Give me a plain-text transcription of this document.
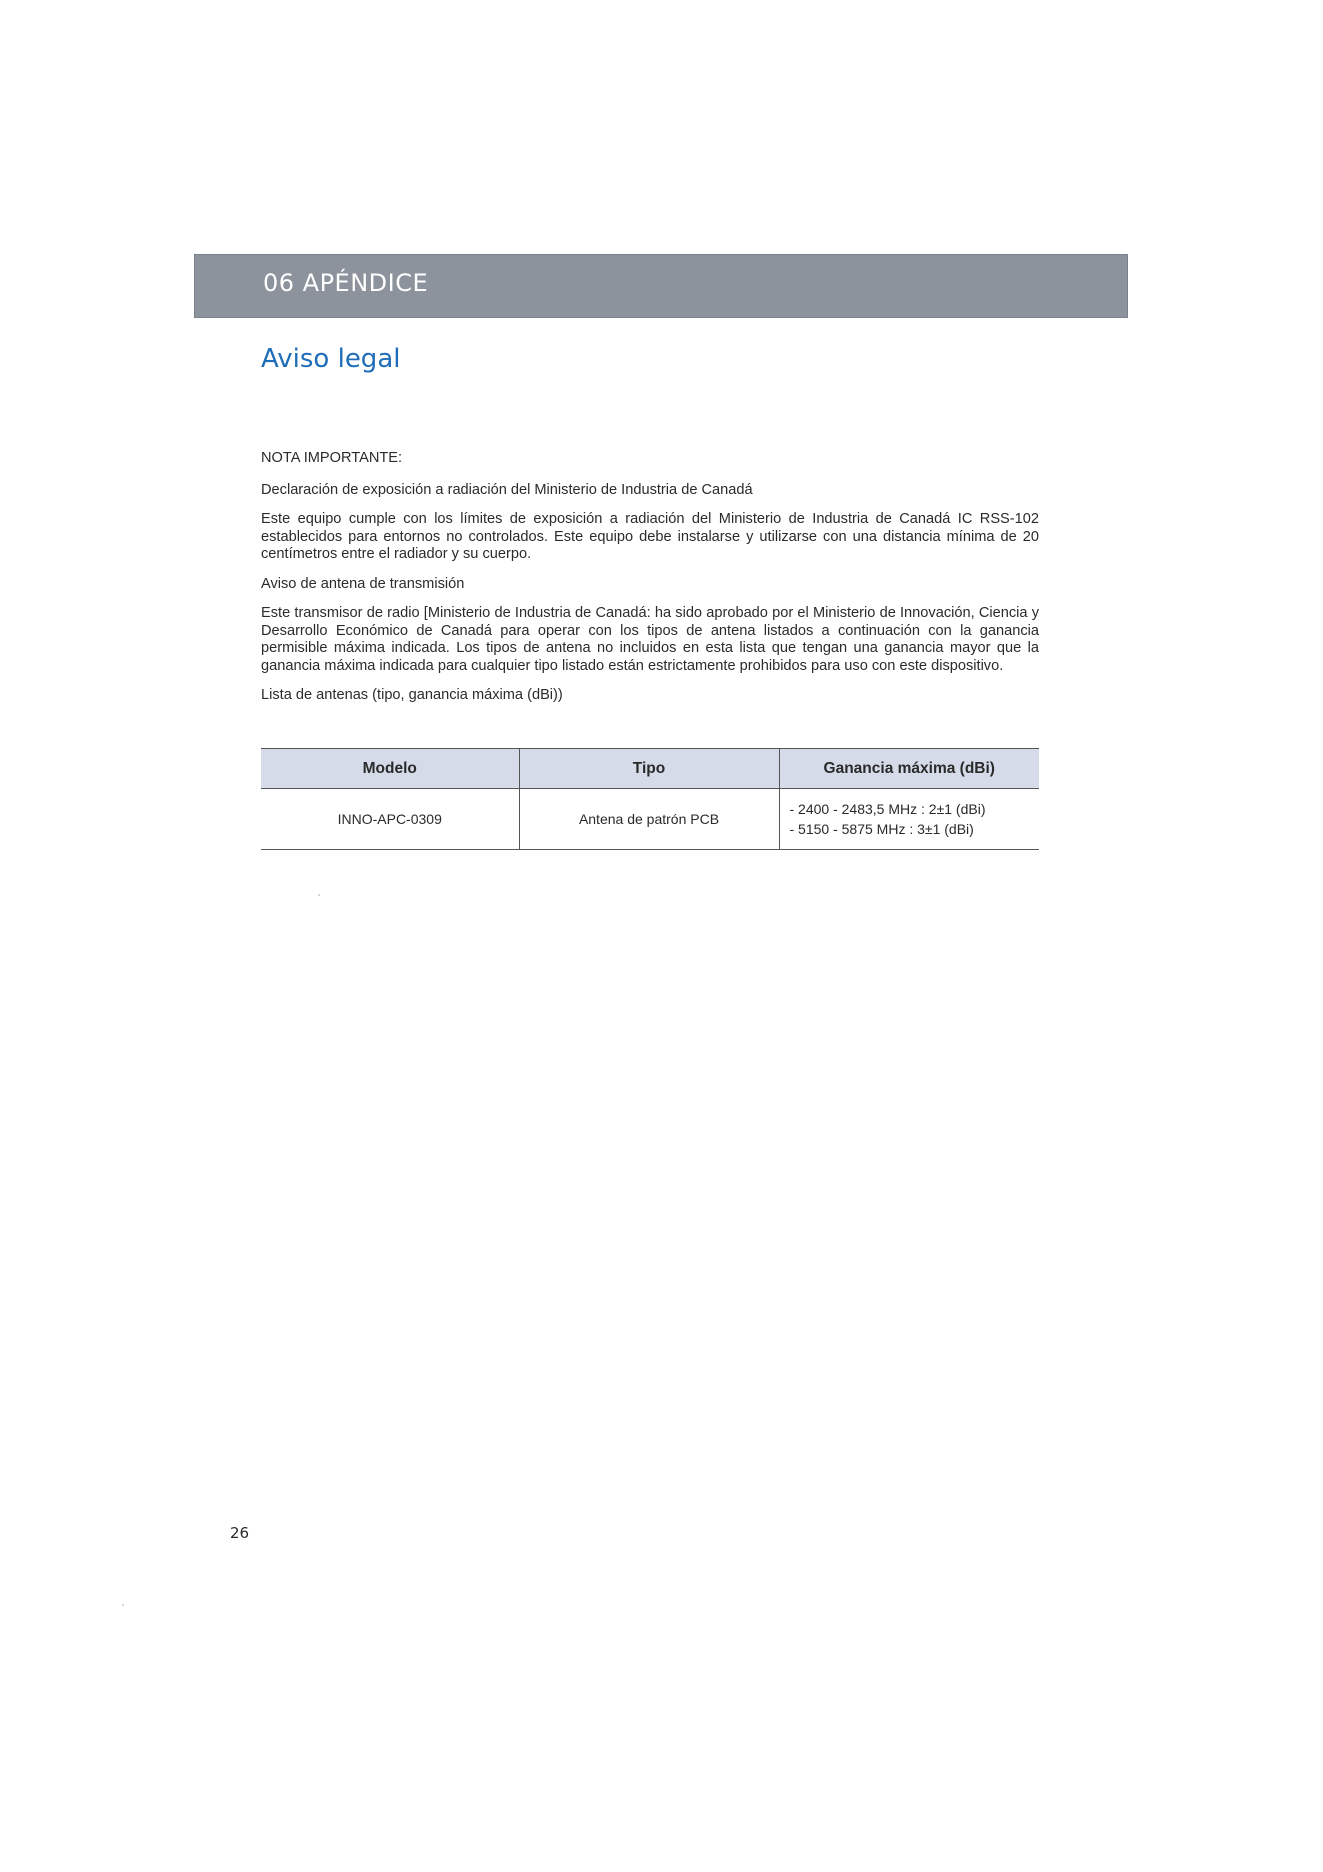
06 APÉNDICE
Aviso legal

NOTA IMPORTANTE:

Declaración de exposición a radiación del Ministerio de Industria de Canadá

Este equipo cumple con los límites de exposición a radiación del Ministerio de Industria de Canadá IC RSS-102 establecidos para entornos no controlados. Este equipo debe instalarse y utilizarse con una distancia mínima de 20 centímetros entre el radiador y su cuerpo.

Aviso de antena de transmisión

Este transmisor de radio [Ministerio de Industria de Canadá: ha sido aprobado por el Ministerio de Innovación, Ciencia y Desarrollo Económico de Canadá para operar con los tipos de antena listados a continuación con la ganancia permisible máxima indicada. Los tipos de antena no incluidos en esta lista que tengan una ganancia mayor que la ganancia máxima indicada para cualquier tipo listado están estrictamente prohibidos para uso con este dispositivo.

Lista de antenas (tipo, ganancia máxima (dBi))

Modelo	Tipo	Ganancia máxima (dBi)
INNO-APC-0309	Antena de patrón PCB	- 2400 - 2483,5 MHz : 2±1 (dBi)
- 5150 - 5875 MHz : 3±1 (dBi)
26
